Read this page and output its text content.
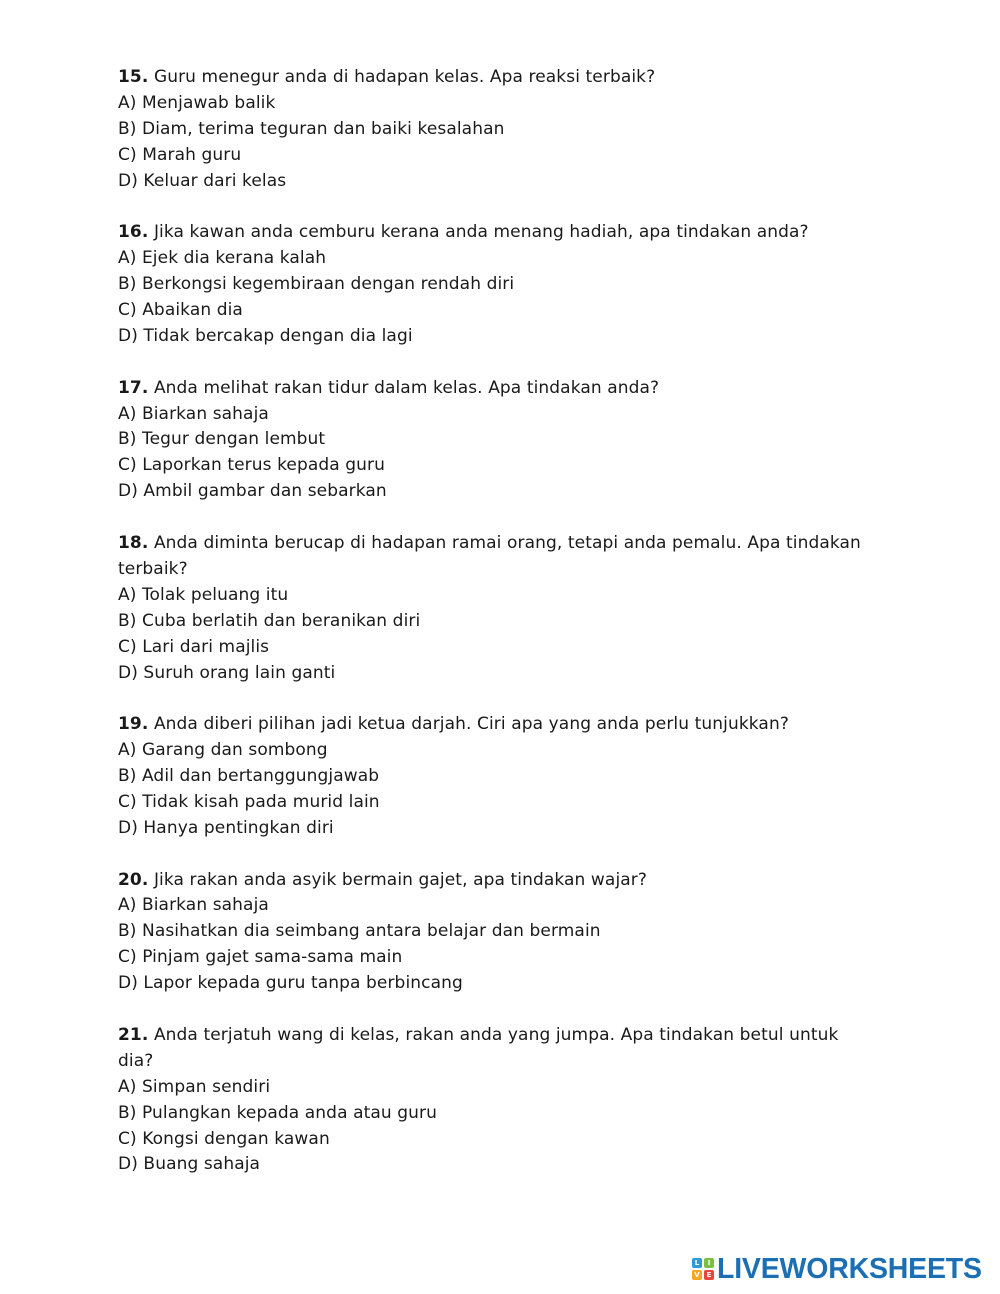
15. Guru menegur anda di hadapan kelas. Apa reaksi terbaik?
A) Menjawab balik
B) Diam, terima teguran dan baiki kesalahan
C) Marah guru
D) Keluar dari kelas
16. Jika kawan anda cemburu kerana anda menang hadiah, apa tindakan anda?
A) Ejek dia kerana kalah
B) Berkongsi kegembiraan dengan rendah diri
C) Abaikan dia
D) Tidak bercakap dengan dia lagi
17. Anda melihat rakan tidur dalam kelas. Apa tindakan anda?
A) Biarkan sahaja
B) Tegur dengan lembut
C) Laporkan terus kepada guru
D) Ambil gambar dan sebarkan
18. Anda diminta berucap di hadapan ramai orang, tetapi anda pemalu. Apa tindakan terbaik?
A) Tolak peluang itu
B) Cuba berlatih dan beranikan diri
C) Lari dari majlis
D) Suruh orang lain ganti
19. Anda diberi pilihan jadi ketua darjah. Ciri apa yang anda perlu tunjukkan?
A) Garang dan sombong
B) Adil dan bertanggungjawab
C) Tidak kisah pada murid lain
D) Hanya pentingkan diri
20. Jika rakan anda asyik bermain gajet, apa tindakan wajar?
A) Biarkan sahaja
B) Nasihatkan dia seimbang antara belajar dan bermain
C) Pinjam gajet sama-sama main
D) Lapor kepada guru tanpa berbincang
21. Anda terjatuh wang di kelas, rakan anda yang jumpa. Apa tindakan betul untuk dia?
A) Simpan sendiri
B) Pulangkan kepada anda atau guru
C) Kongsi dengan kawan
D) Buang sahaja
L	I
V E LIVEWORKSHEETS
